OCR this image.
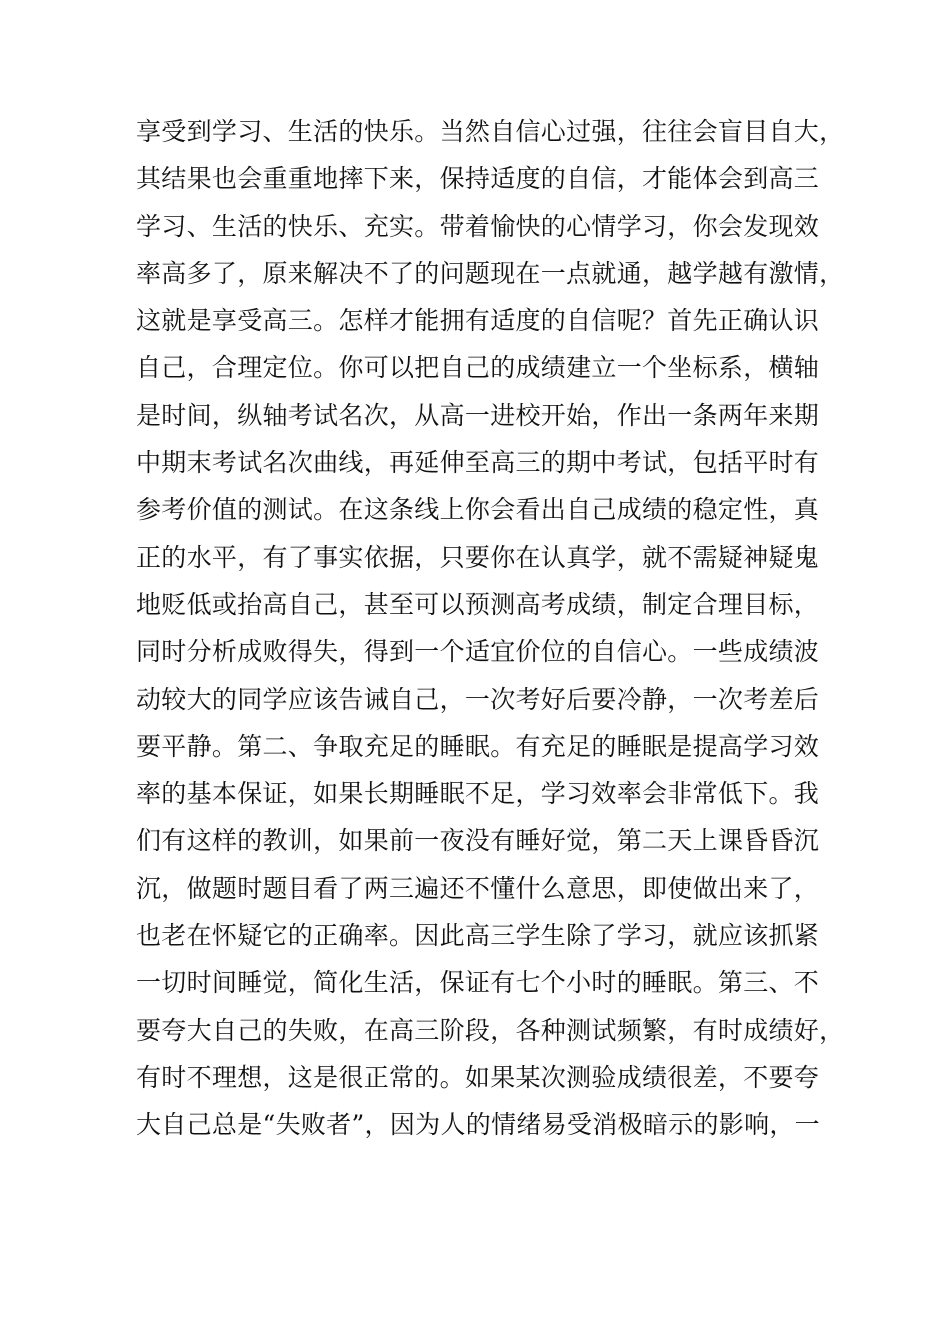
享受到学习、生活的快乐。当然自信心过强，往往会盲目自大，
其结果也会重重地摔下来，保持适度的自信，才能体会到高三
学习、生活的快乐、充实。带着愉快的心情学习，你会发现效
率高多了，原来解决不了的问题现在一点就通，越学越有激情，
这就是享受高三。怎样才能拥有适度的自信呢？首先正确认识
自己，合理定位。你可以把自己的成绩建立一个坐标系，横轴
是时间，纵轴考试名次，从高一进校开始，作出一条两年来期
中期末考试名次曲线，再延伸至高三的期中考试，包括平时有
参考价值的测试。在这条线上你会看出自己成绩的稳定性，真
正的水平，有了事实依据，只要你在认真学，就不需疑神疑鬼
地贬低或抬高自己，甚至可以预测高考成绩，制定合理目标，
同时分析成败得失，得到一个适宜价位的自信心。一些成绩波
动较大的同学应该告诫自己，一次考好后要冷静，一次考差后
要平静。第二、争取充足的睡眠。有充足的睡眠是提高学习效
率的基本保证，如果长期睡眠不足，学习效率会非常低下。我
们有这样的教训，如果前一夜没有睡好觉，第二天上课昏昏沉
沉，做题时题目看了两三遍还不懂什么意思，即使做出来了，
也老在怀疑它的正确率。因此高三学生除了学习，就应该抓紧
一切时间睡觉，简化生活，保证有七个小时的睡眠。第三、不
要夸大自己的失败，在高三阶段，各种测试频繁，有时成绩好，
有时不理想，这是很正常的。如果某次测验成绩很差，不要夸
大自己总是“失败者”，因为人的情绪易受消极暗示的影响，一
